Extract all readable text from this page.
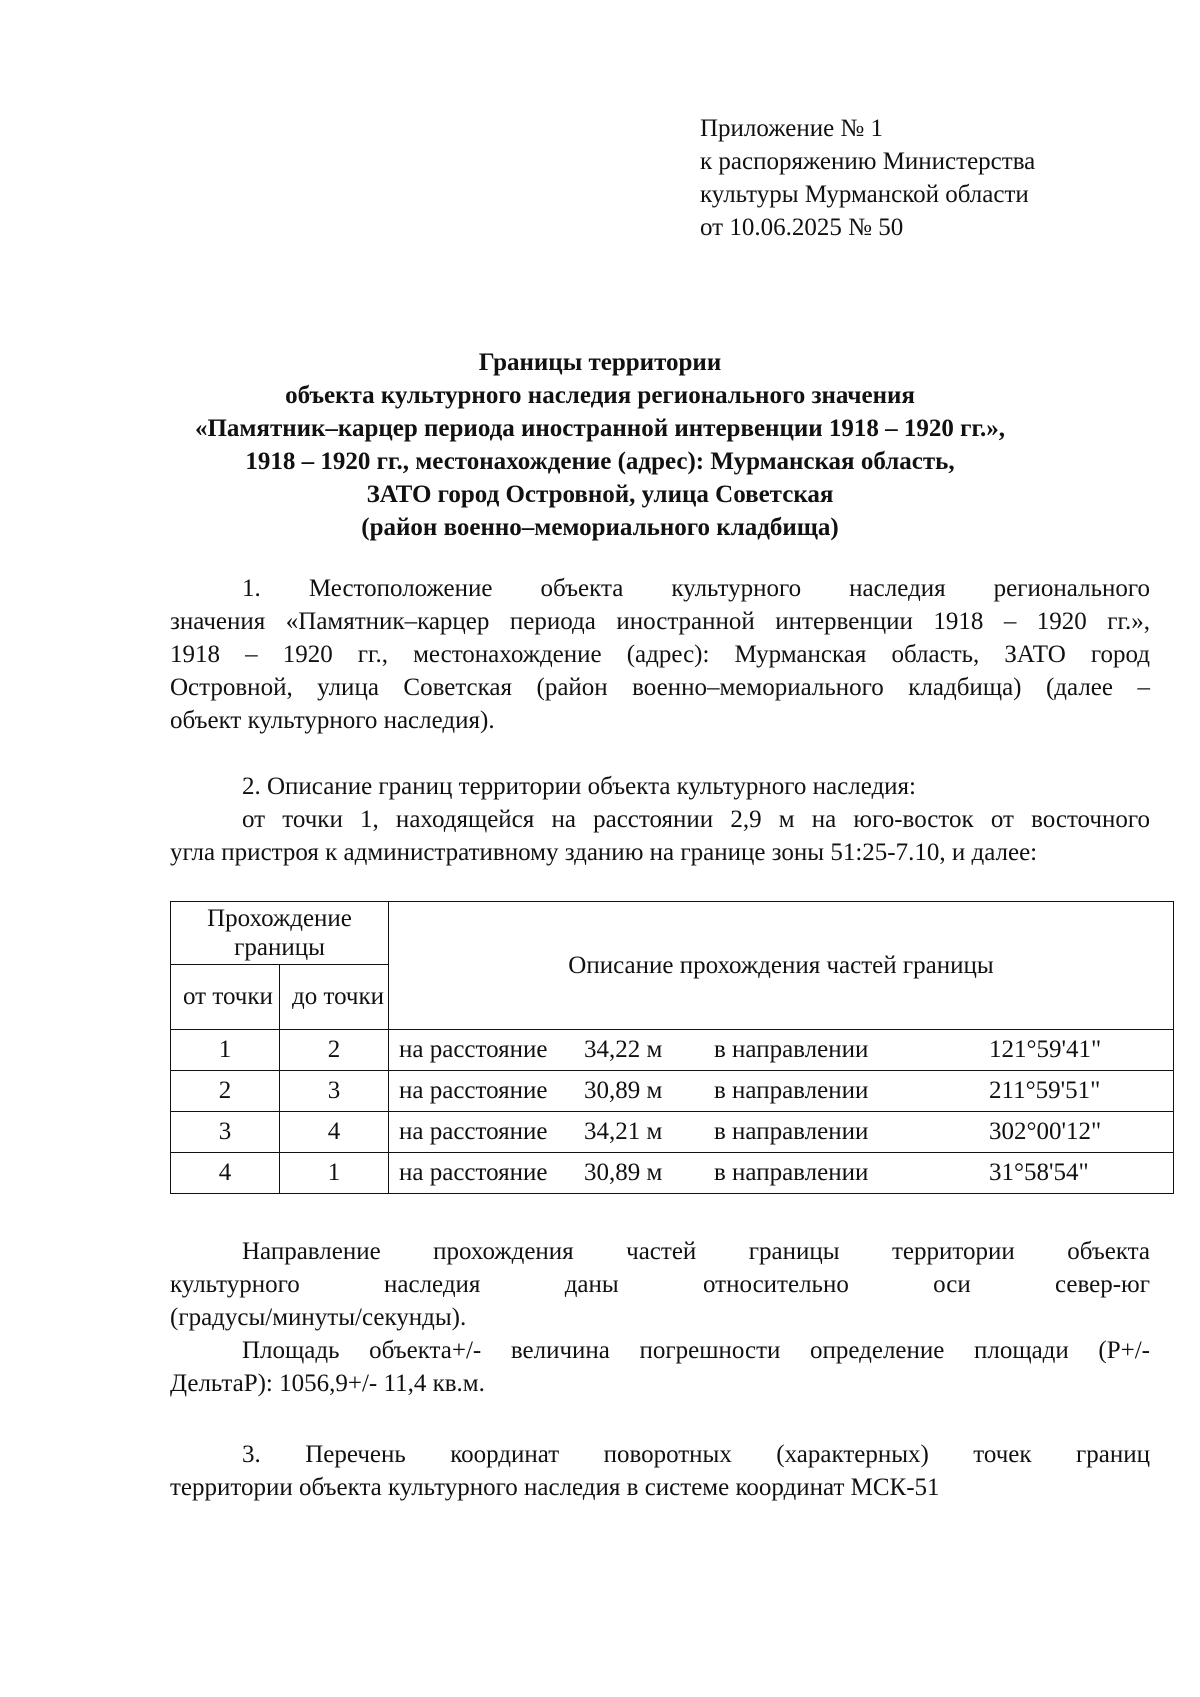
Приложение № 1
к распоряжению Министерства
культуры Мурманской области
от 10.06.2025 № 50
Границы территории
объекта культурного наследия регионального значения
«Памятник–карцер периода иностранной интервенции 1918 – 1920 гг.»,
1918 – 1920 гг., местонахождение (адрес): Мурманская область,
ЗАТО город Островной, улица Советская
(район военно–мемориального кладбища)
1. Местоположение объекта культурного наследия регионального
значения «Памятник–карцер периода иностранной интервенции 1918 – 1920 гг.»,
1918 – 1920 гг., местонахождение (адрес): Мурманская область, ЗАТО город
Островной, улица Советская (район военно–мемориального кладбища) (далее –
объект культурного наследия).
2. Описание границ территории объекта культурного наследия:
от точки 1, находящейся на расстоянии 2,9 м на юго-восток от восточного
угла пристроя к административному зданию на границе зоны 51:25-7.10, и далее:
Прохождение границы		Описание прохождения частей границы
от точки	до точки	
1	2	на расстояние 34,22 м в направлении 121°59'41"

2	3	на расстояние 30,89 м в направлении 211°59'51"

3	4	на расстояние 34,21 м в направлении 302°00'12"

4	1	на расстояние 30,89 м в направлении 31°58'54"
Направление прохождения частей границы территории объекта
культурного наследия даны относительно оси север-юг
(градусы/минуты/секунды).
Площадь объекта+/- величина погрешности определение площади (P+/-
ДельтаP): 1056,9+/- 11,4 кв.м.
3. Перечень координат поворотных (характерных) точек границ
территории объекта культурного наследия в системе координат МСК-51
